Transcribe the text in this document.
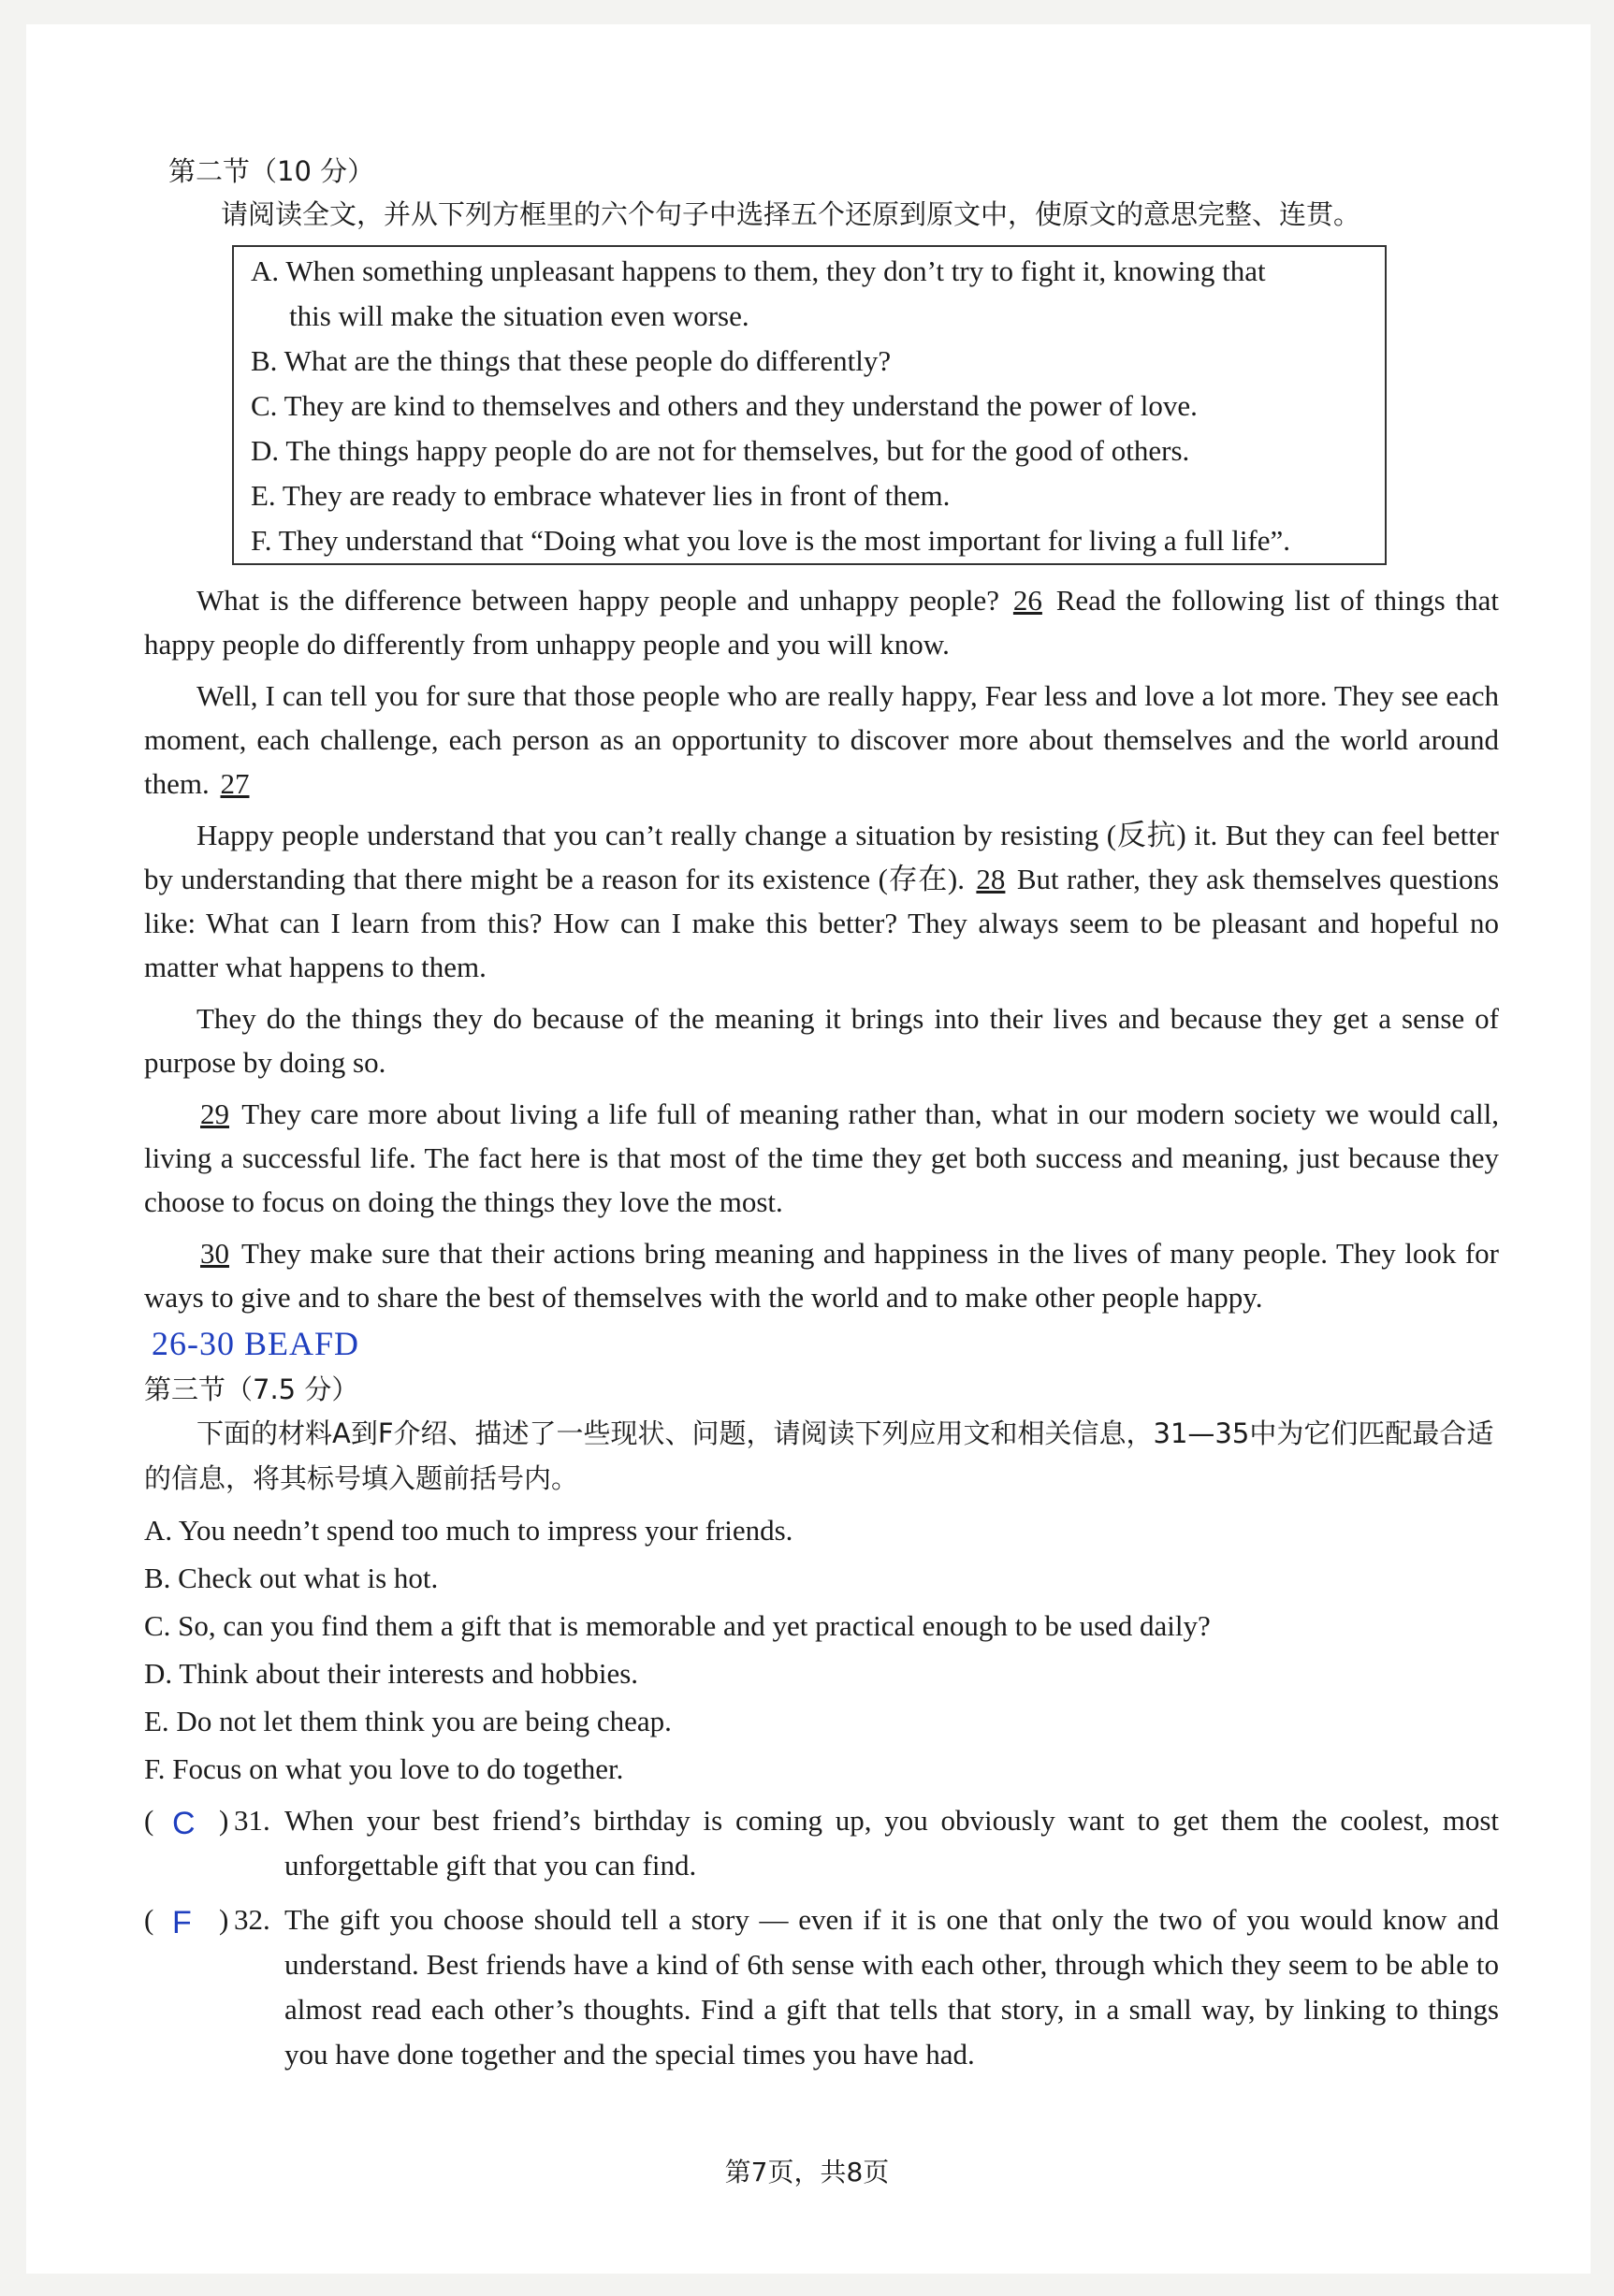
第二节（10 分）
请阅读全文，并从下列方框里的六个句子中选择五个还原到原文中，使原文的意思完整、连贯。
A. When something unpleasant happens to them, they don’t try to fight it, knowing that
this will make the situation even worse.
B. What are the things that these people do differently?
C. They are kind to themselves and others and they understand the power of love.
D. The things happy people do are not for themselves, but for the good of others.
E. They are ready to embrace whatever lies in front of them.
F. They understand that “Doing what you love is the most important for living a full life”.

What is the difference between happy people and unhappy people? 26 Read the following list of things that happy people do differently from unhappy people and you will know.

Well, I can tell you for sure that those people who are really happy, Fear less and love a lot more. They see each moment, each challenge, each person as an opportunity to discover more about themselves and the world around them. 27

Happy people understand that you can’t really change a situation by resisting (反抗) it. But they can feel better by understanding that there might be a reason for its existence (存在). 28 But rather, they ask themselves questions like: What can I learn from this? How can I make this better? They always seem to be pleasant and hopeful no matter what happens to them.

They do the things they do because of the meaning it brings into their lives and because they get a sense of purpose by doing so.

29 They care more about living a life full of meaning rather than, what in our modern society we would call, living a successful life. The fact here is that most of the time they get both success and meaning, just because they choose to focus on doing the things they love the most.

30 They make sure that their actions bring meaning and happiness in the lives of many people. They look for ways to give and to share the best of themselves with the world and to make other people happy.

26-30 BEAFD
第三节（7.5 分）
下面的材料A到F介绍、描述了一些现状、问题，请阅读下列应用文和相关信息，31—35中为它们匹配最合适的信息，将其标号填入题前括号内。
A. You needn’t spend too much to impress your friends.
B. Check out what is hot.
C. So, can you find them a gift that is memorable and yet practical enough to be used daily?
D. Think about their interests and hobbies.
E. Do not let them think you are being cheap.
F. Focus on what you love to do together.
( C ) 31. When your best friend’s birthday is coming up, you obviously want to get them the coolest, most unforgettable gift that you can find.
( F ) 32. The gift you choose should tell a story — even if it is one that only the two of you would know and understand. Best friends have a kind of 6th sense with each other, through which they seem to be able to almost read each other’s thoughts. Find a gift that tells that story, in a small way, by linking to things you have done together and the special times you have had.
第7页，共8页
